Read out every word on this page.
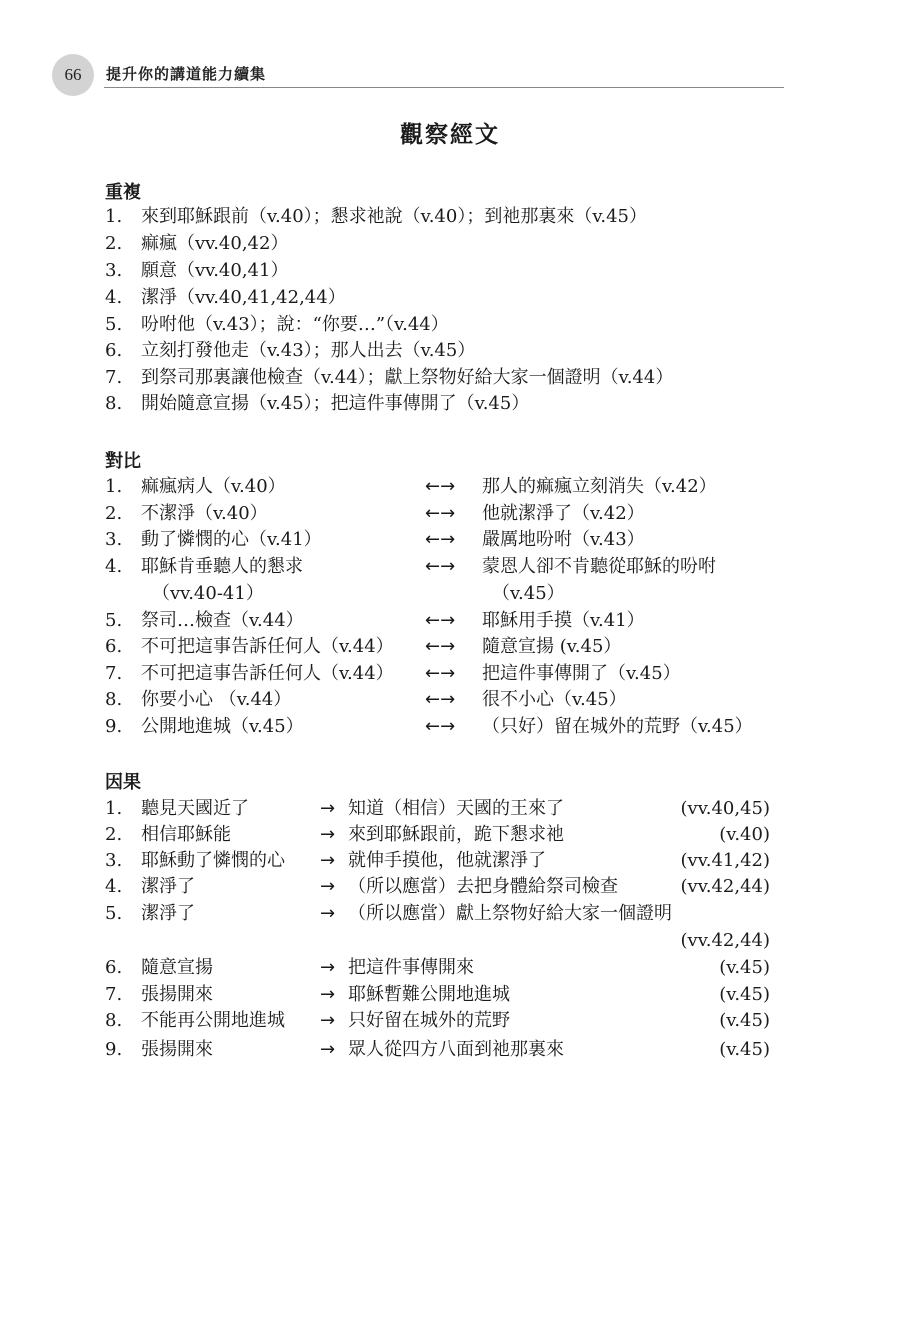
66	提升你的講道能力續集
觀察經文
重複
1. 來到耶穌跟前（v.40）；懇求祂說（v.40）；到祂那裏來（v.45）
2. 痲瘋（vv.40,42）
3. 願意（vv.40,41）
4. 潔淨（vv.40,41,42,44）
5. 吩咐他（v.43）；說：“你要…”（v.44）
6. 立刻打發他走（v.43）；那人出去（v.45）
7. 到祭司那裏讓他檢查（v.44）；獻上祭物好給大家一個證明（v.44）
8. 開始隨意宣揚（v.45）；把這件事傳開了（v.45）
對比
1. 痲瘋病人（v.40）	←→ 那人的痲瘋立刻消失（v.42）
2. 不潔淨（v.40）	←→ 他就潔淨了（v.42）
3. 動了憐憫的心（v.41）	←→ 嚴厲地吩咐（v.43）
4. 耶穌肯垂聽人的懇求
（vv.40-41）
←→ 蒙恩人卻不肯聽從耶穌的吩咐
（v.45）
5. 祭司…檢查（v.44）	←→ 耶穌用手摸（v.41）
6. 不可把這事告訴任何人（v.44） ←→ 隨意宣揚 (v.45）
7. 不可把這事告訴任何人（v.44） ←→ 把這件事傳開了（v.45）
8. 你要小心 （v.44）	←→ 很不小心（v.45）
9. 公開地進城（v.45）	←→ （只好）留在城外的荒野（v.45）
因果
1. 聽見天國近了	→ 知道（相信）天國的王來了	(vv.40,45)
2. 相信耶穌能	→ 來到耶穌跟前，跪下懇求祂	(v.40)
3. 耶穌動了憐憫的心 → 就伸手摸他，他就潔淨了	(vv.41,42)
4. 潔淨了	→ （所以應當）去把身體給祭司檢查	(vv.42,44)
5. 潔淨了	→ （所以應當）獻上祭物好給大家一個證明
(vv.42,44)
6. 隨意宣揚	→ 把這件事傳開來	(v.45)
7. 張揚開來	→ 耶穌暫難公開地進城	(v.45)
8. 不能再公開地進城 → 只好留在城外的荒野	(v.45)
9. 張揚開來	→ 眾人從四方八面到祂那裏來	(v.45)
